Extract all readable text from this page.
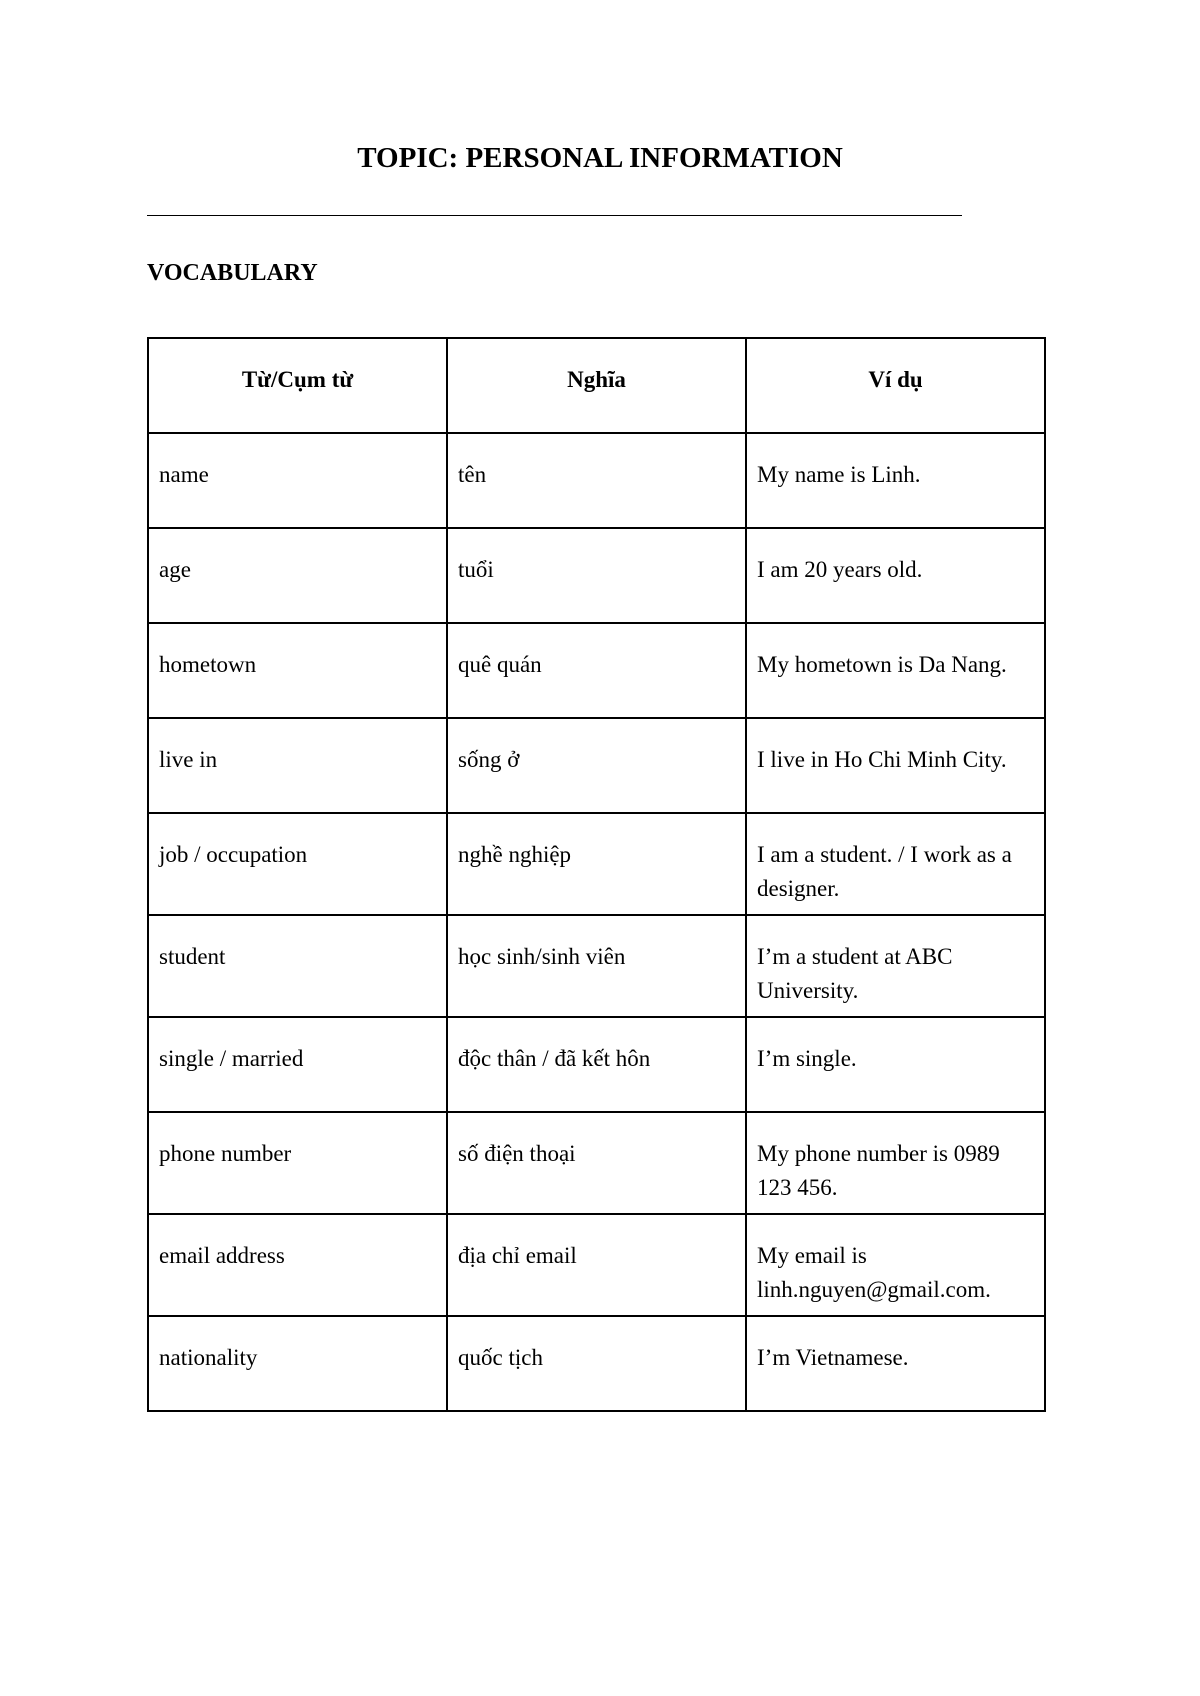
TOPIC: PERSONAL INFORMATION
VOCABULARY
Từ/Cụm từ	Nghĩa	Ví dụ
name	tên	My name is Linh.
age	tuổi	I am 20 years old.
hometown	quê quán	My hometown is Da Nang.
live in	sống ở	I live in Ho Chi Minh City.
job / occupation	nghề nghiệp	I am a student. / I work as a designer.
student	học sinh/sinh viên	I’m a student at ABC University.
single / married	độc thân / đã kết hôn	I’m single.
phone number	số điện thoại	My phone number is 0989 123 456.
email address	địa chỉ email	My email is linh.nguyen@gmail.com.
nationality	quốc tịch	I’m Vietnamese.
